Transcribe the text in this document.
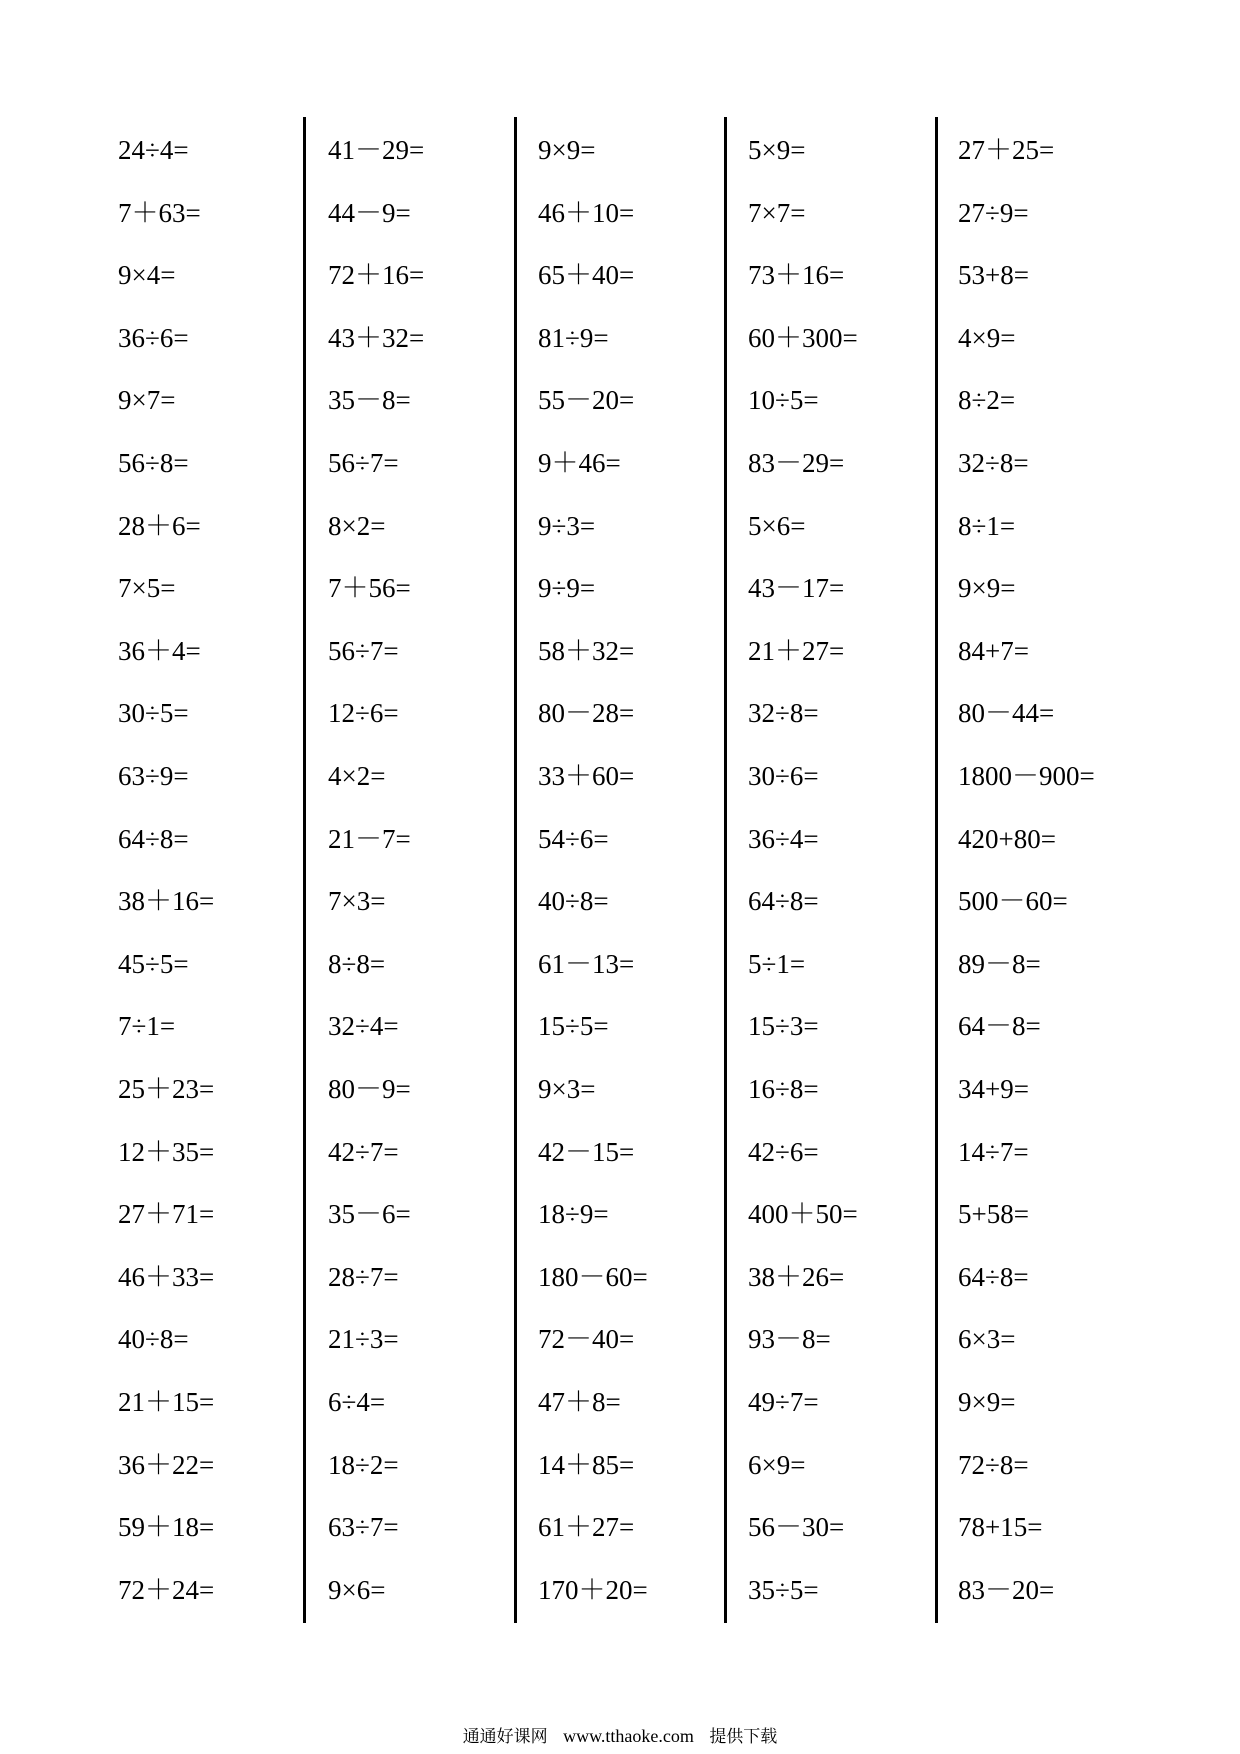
24÷4=
7＋63=
9×4=
36÷6=
9×7=
56÷8=
28＋6=
7×5=
36＋4=
30÷5=
63÷9=
64÷8=
38＋16=
45÷5=
7÷1=
25＋23=
12＋35=
27＋71=
46＋33=
40÷8=
21＋15=
36＋22=
59＋18=
72＋24=
41－29=
44－9=
72＋16=
43＋32=
35－8=
56÷7=
8×2=
7＋56=
56÷7=
12÷6=
4×2=
21－7=
7×3=
8÷8=
32÷4=
80－9=
42÷7=
35－6=
28÷7=
21÷3=
6÷4=
18÷2=
63÷7=
9×6=
9×9=
46＋10=
65＋40=
81÷9=
55－20=
9＋46=
9÷3=
9÷9=
58＋32=
80－28=
33＋60=
54÷6=
40÷8=
61－13=
15÷5=
9×3=
42－15=
18÷9=
180－60=
72－40=
47＋8=
14＋85=
61＋27=
170＋20=
5×9=
7×7=
73＋16=
60＋300=
10÷5=
83－29=
5×6=
43－17=
21＋27=
32÷8=
30÷6=
36÷4=
64÷8=
5÷1=
15÷3=
16÷8=
42÷6=
400＋50=
38＋26=
93－8=
49÷7=
6×9=
56－30=
35÷5=
27＋25=
27÷9=
53+8=
4×9=
8÷2=
32÷8=
8÷1=
9×9=
84+7=
80－44=
1800－900=
420+80=
500－60=
89－8=
64－8=
34+9=
14÷7=
5+58=
64÷8=
6×3=
9×9=
72÷8=
78+15=
83－20=
通通好课网 www.tthaoke.com 提供下载
